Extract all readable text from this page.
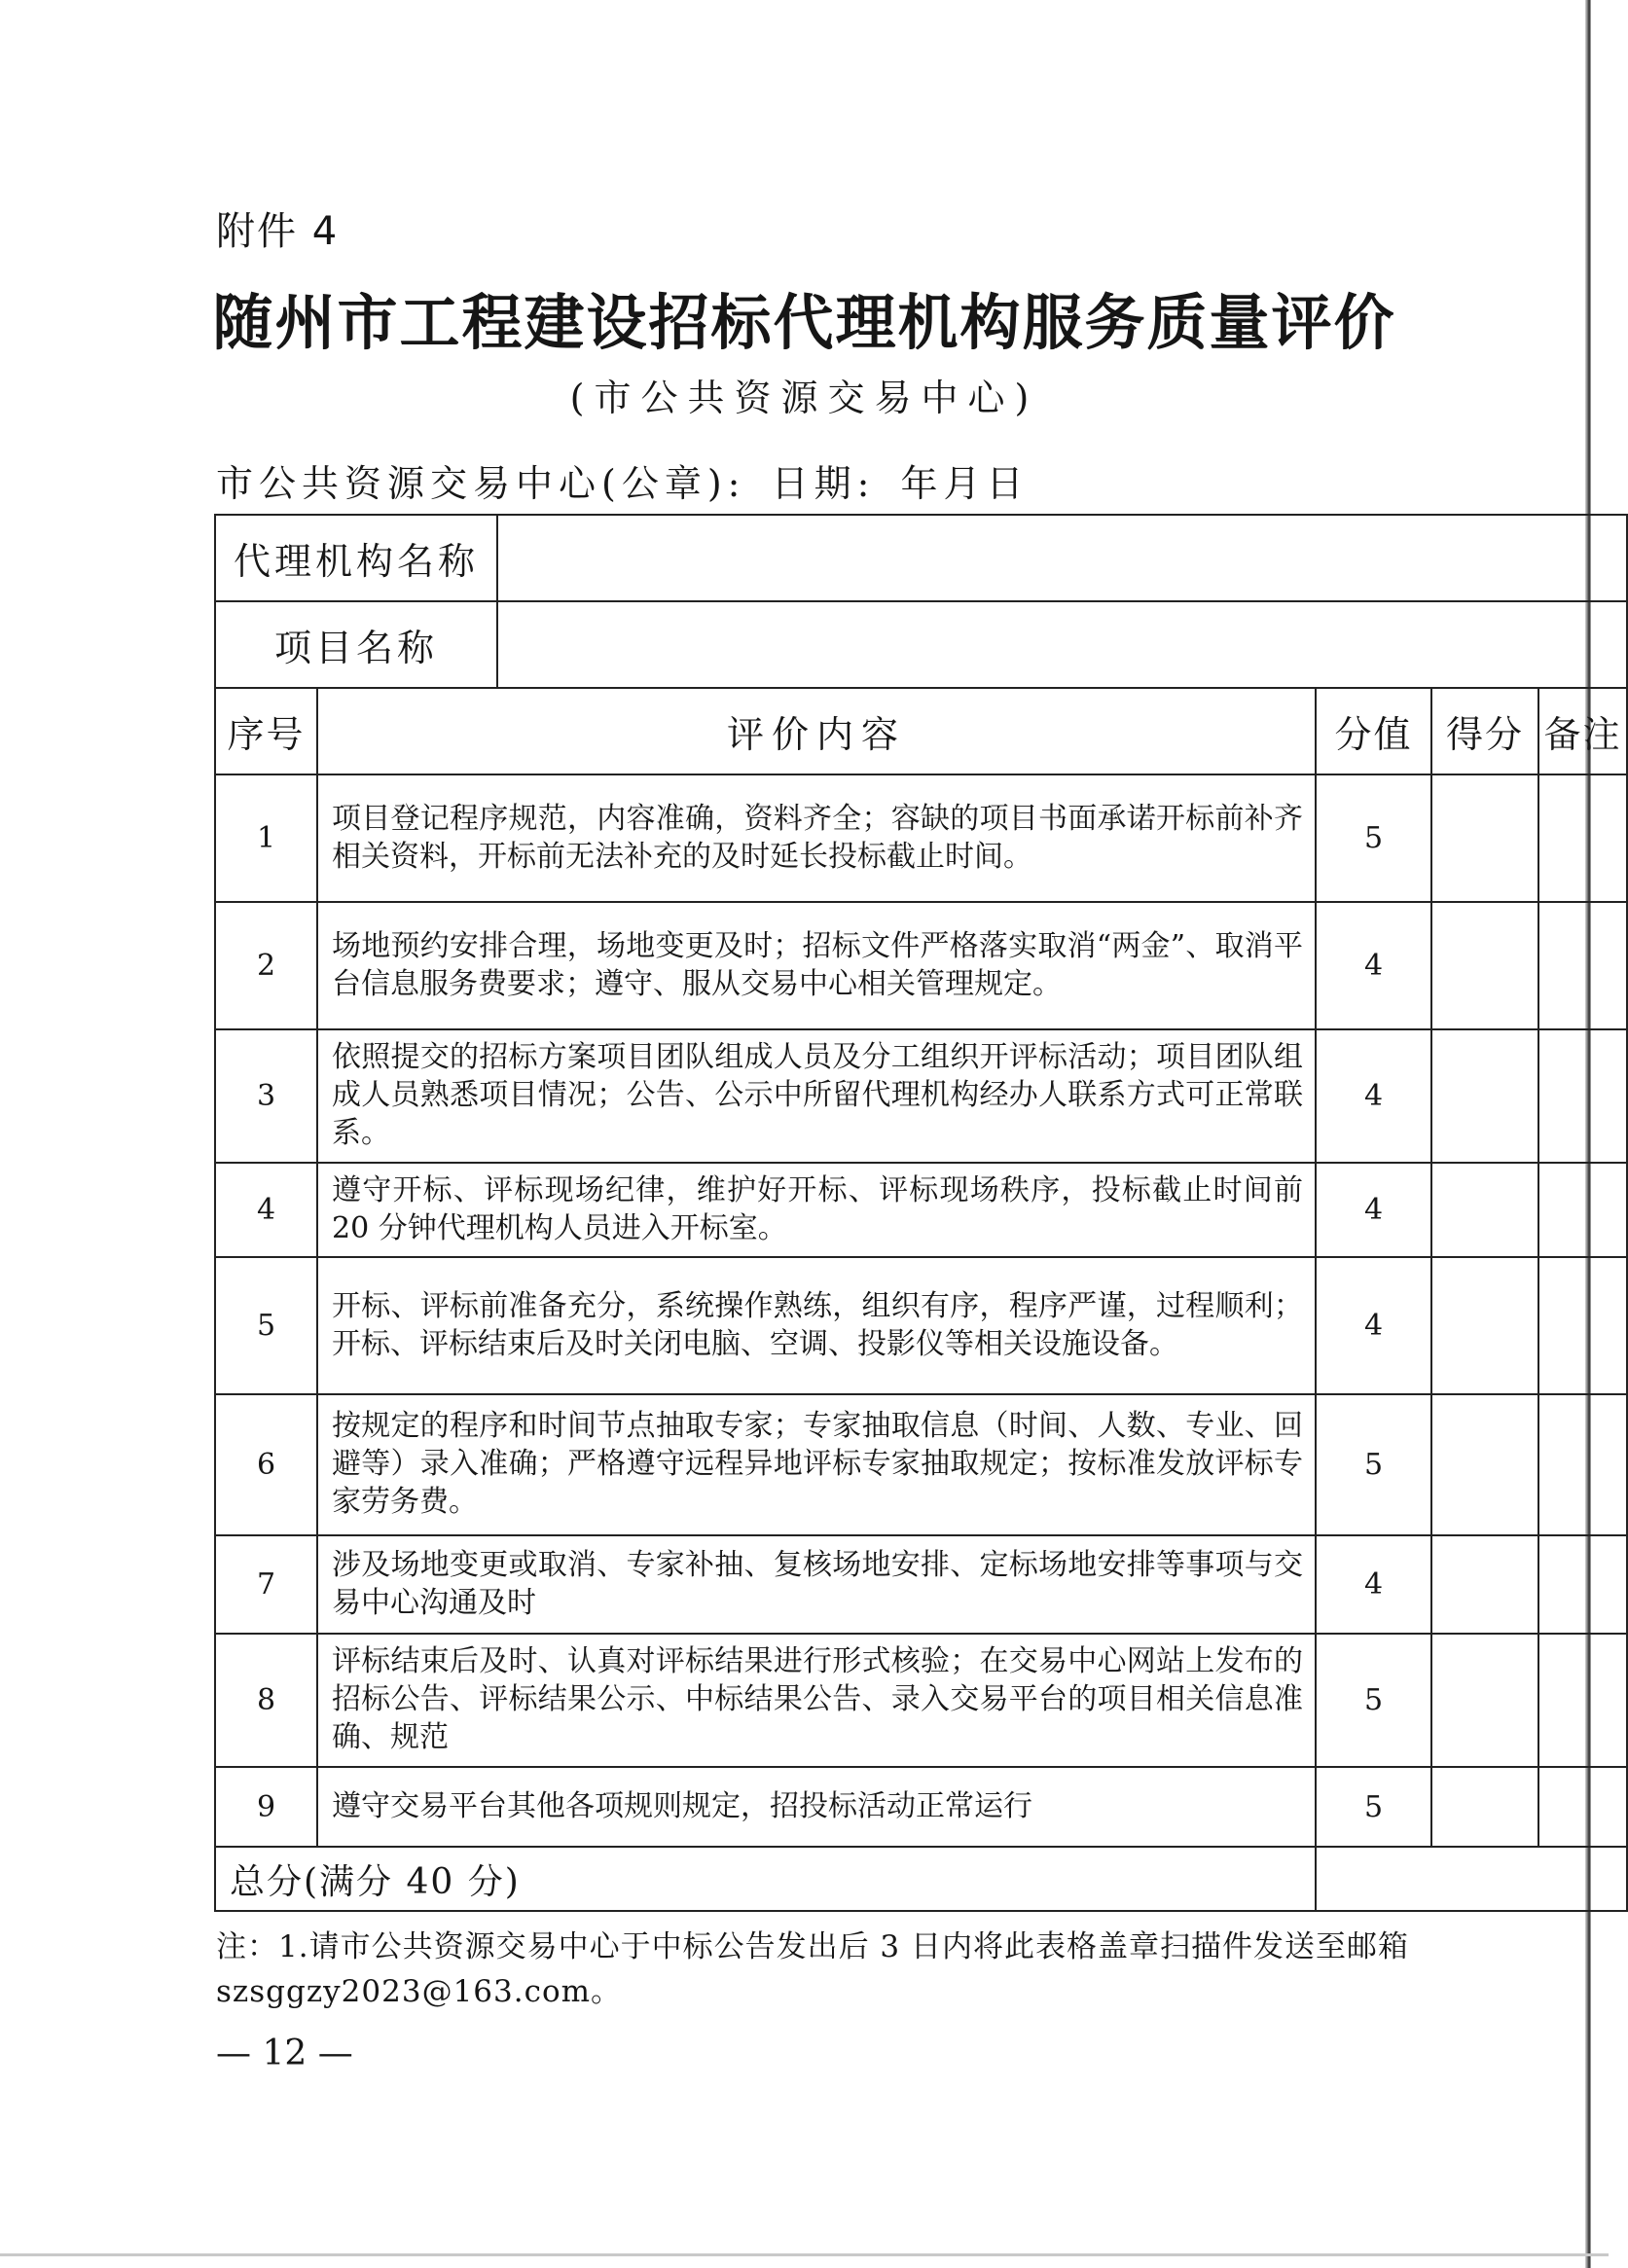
附件 4
随州市工程建设招标代理机构服务质量评价
(市公共资源交易中心)
市公共资源交易中心(公章): 日期: 年月日
代理机构名称					
项目名称					
序号	评价内容		分值	得分	备注
1	项目登记程序规范，内容准确，资料齐全；容缺的项目书面承诺开标前补齐相关资料，开标前无法补充的及时延长投标截止时间。		5		
2	场地预约安排合理，场地变更及时；招标文件严格落实取消“两金”、取消平台信息服务费要求；遵守、服从交易中心相关管理规定。		4		
3	依照提交的招标方案项目团队组成人员及分工组织开评标活动；项目团队组成人员熟悉项目情况；公告、公示中所留代理机构经办人联系方式可正常联系。		4		
4	遵守开标、评标现场纪律，维护好开标、评标现场秩序，投标截止时间前 20 分钟代理机构人员进入开标室。		4		
5	开标、评标前准备充分，系统操作熟练，组织有序，程序严谨，过程顺利；开标、评标结束后及时关闭电脑、空调、投影仪等相关设施设备。		4		
6	按规定的程序和时间节点抽取专家；专家抽取信息（时间、人数、专业、回避等）录入准确；严格遵守远程异地评标专家抽取规定；按标准发放评标专家劳务费。		5		
7	涉及场地变更或取消、专家补抽、复核场地安排、定标场地安排等事项与交易中心沟通及时		4		
8	评标结束后及时、认真对评标结果进行形式核验；在交易中心网站上发布的招标公告、评标结果公示、中标结果公告、录入交易平台的项目相关信息准确、规范		5		
9	遵守交易平台其他各项规则规定，招投标活动正常运行		5		
总分(满分 40 分)					
注：1.请市公共资源交易中心于中标公告发出后 3 日内将此表格盖章扫描件发送至邮箱 szsggzy2023@163.com。
— 12 —
